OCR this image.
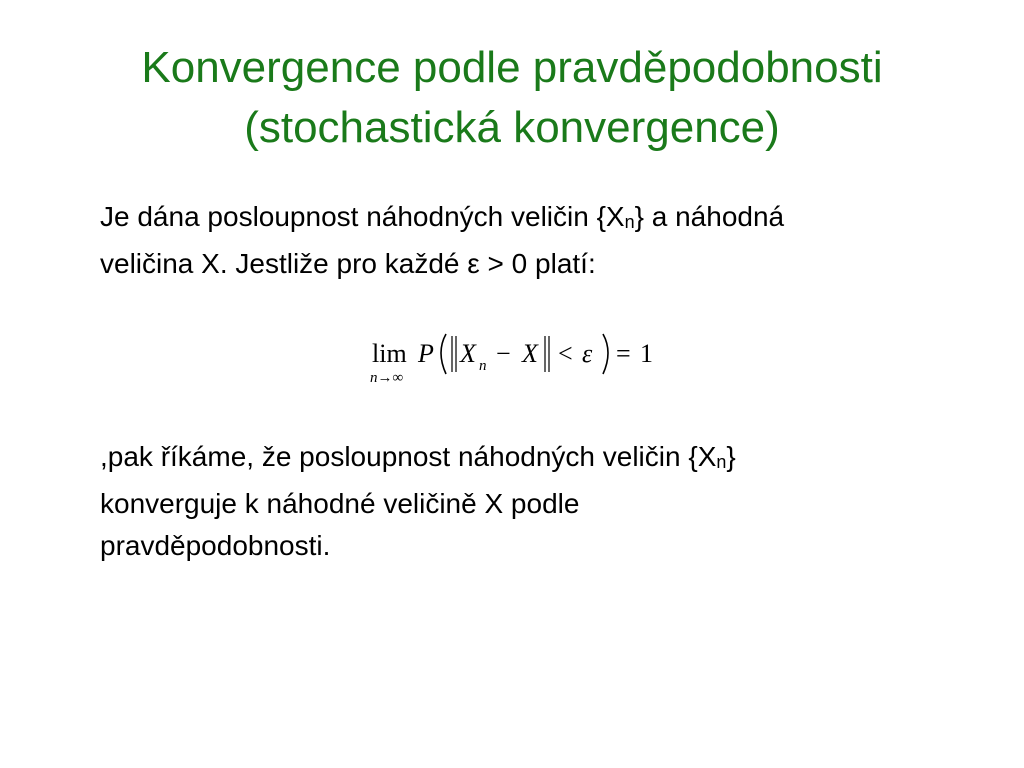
Konvergence podle pravděpodobnosti
(stochastická konvergence)
Je dána posloupnost náhodných veličin {Xn} a náhodná
veličina X. Jestliže pro každé ε > 0 platí:
lim
n→∞
P X n − X < ε = 1
,pak říkáme, že posloupnost náhodných veličin {Xn}
konverguje k náhodné veličině X podle
pravděpodobnosti.
